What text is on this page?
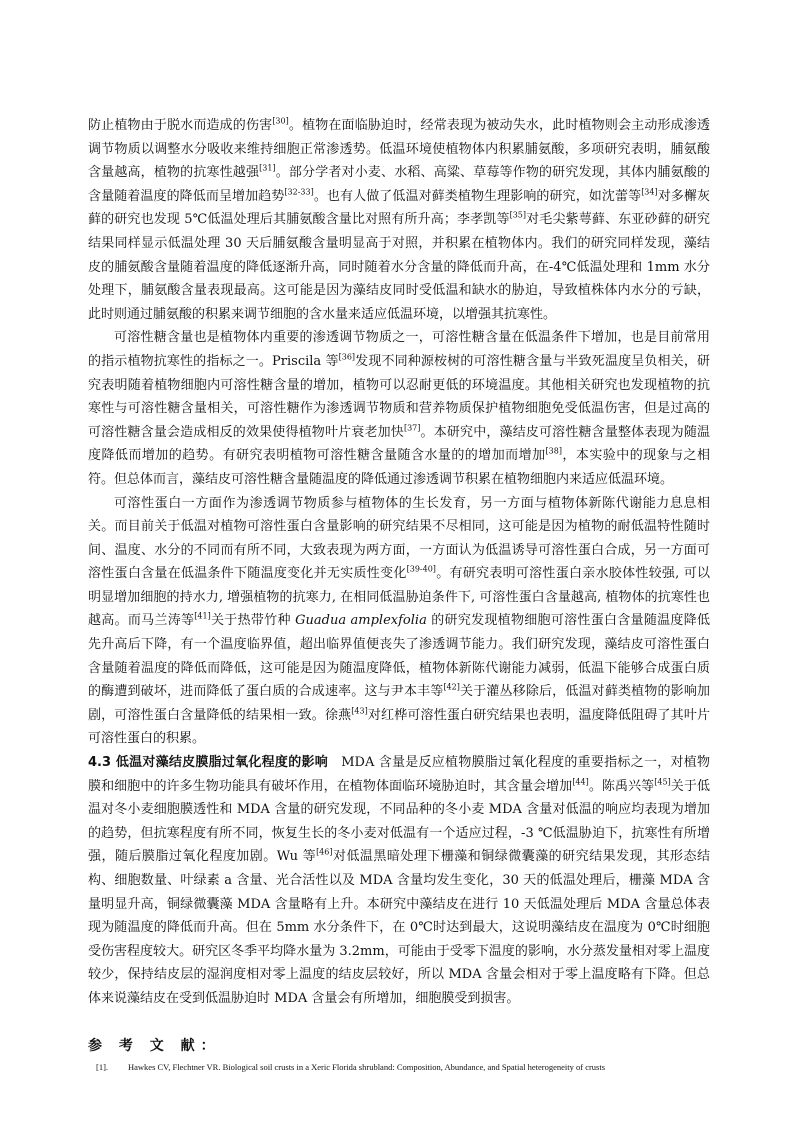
防止植物由于脱水而造成的伤害[30]。植物在面临胁迫时，经常表现为被动失水，此时植物则会主动形成渗透调节物质以调整水分吸收来维持细胞正常渗透势。低温环境使植物体内积累脯氨酸，多项研究表明，脯氨酸含量越高，植物的抗寒性越强[31]。部分学者对小麦、水稻、高粱、草莓等作物的研究发现，其体内脯氨酸的含量随着温度的降低而呈增加趋势[32-33]。也有人做了低温对藓类植物生理影响的研究，如沈蕾等[34]对多檞灰藓的研究也发现 5℃低温处理后其脯氨酸含量比对照有所升高；李孝凯等[35]对毛尖紫萼藓、东亚砂藓的研究结果同样显示低温处理 30 天后脯氨酸含量明显高于对照，并积累在植物体内。我们的研究同样发现，藻结皮的脯氨酸含量随着温度的降低逐渐升高，同时随着水分含量的降低而升高，在-4℃低温处理和 1mm 水分处理下，脯氨酸含量表现最高。这可能是因为藻结皮同时受低温和缺水的胁迫，导致植株体内水分的亏缺，此时则通过脯氨酸的积累来调节细胞的含水量来适应低温环境，以增强其抗寒性。

可溶性糖含量也是植物体内重要的渗透调节物质之一，可溶性糖含量在低温条件下增加，也是目前常用的指示植物抗寒性的指标之一。Priscila 等[36]发现不同种源桉树的可溶性糖含量与半致死温度呈负相关，研究表明随着植物细胞内可溶性糖含量的增加，植物可以忍耐更低的环境温度。其他相关研究也发现植物的抗寒性与可溶性糖含量相关，可溶性糖作为渗透调节物质和营养物质保护植物细胞免受低温伤害，但是过高的可溶性糖含量会造成相反的效果使得植物叶片衰老加快[37]。本研究中，藻结皮可溶性糖含量整体表现为随温度降低而增加的趋势。有研究表明植物可溶性糖含量随含水量的的增加而增加[38]，本实验中的现象与之相符。但总体而言，藻结皮可溶性糖含量随温度的降低通过渗透调节积累在植物细胞内来适应低温环境。

可溶性蛋白一方面作为渗透调节物质参与植物体的生长发育，另一方面与植物体新陈代谢能力息息相关。而目前关于低温对植物可溶性蛋白含量影响的研究结果不尽相同，这可能是因为植物的耐低温特性随时间、温度、水分的不同而有所不同，大致表现为两方面，一方面认为低温诱导可溶性蛋白合成，另一方面可溶性蛋白含量在低温条件下随温度变化并无实质性变化[39-40]。有研究表明可溶性蛋白亲水胶体性较强, 可以明显增加细胞的持水力, 增强植物的抗寒力, 在相同低温胁迫条件下, 可溶性蛋白含量越高, 植物体的抗寒性也越高。而马兰涛等[41]关于热带竹种 Guadua amplexfolia 的研究发现植物细胞可溶性蛋白含量随温度降低先升高后下降，有一个温度临界值，超出临界值便丧失了渗透调节能力。我们研究发现，藻结皮可溶性蛋白含量随着温度的降低而降低，这可能是因为随温度降低，植物体新陈代谢能力减弱，低温下能够合成蛋白质的酶遭到破坏，进而降低了蛋白质的合成速率。这与尹本丰等[42]关于灌丛移除后，低温对藓类植物的影响加剧，可溶性蛋白含量降低的结果相一致。徐燕[43]对红桦可溶性蛋白研究结果也表明，温度降低阻碍了其叶片可溶性蛋白的积累。

4.3 低温对藻结皮膜脂过氧化程度的影响　MDA 含量是反应植物膜脂过氧化程度的重要指标之一，对植物膜和细胞中的许多生物功能具有破坏作用，在植物体面临环境胁迫时，其含量会增加[44]。陈禹兴等[45]关于低温对冬小麦细胞膜透性和 MDA 含量的研究发现，不同品种的冬小麦 MDA 含量对低温的响应均表现为增加的趋势，但抗寒程度有所不同，恢复生长的冬小麦对低温有一个适应过程，-3 ℃低温胁迫下，抗寒性有所增强，随后膜脂过氧化程度加剧。Wu 等[46]对低温黑暗处理下栅藻和铜绿微囊藻的研究结果发现，其形态结构、细胞数量、叶绿素 a 含量、光合活性以及 MDA 含量均发生变化，30 天的低温处理后，栅藻 MDA 含量明显升高，铜绿微囊藻 MDA 含量略有上升。本研究中藻结皮在进行 10 天低温处理后 MDA 含量总体表现为随温度的降低而升高。但在 5mm 水分条件下，在 0℃时达到最大，这说明藻结皮在温度为 0℃时细胞受伤害程度较大。研究区冬季平均降水量为 3.2mm，可能由于受零下温度的影响，水分蒸发量相对零上温度较少，保持结皮层的湿润度相对零上温度的结皮层较好，所以 MDA 含量会相对于零上温度略有下降。但总体来说藻结皮在受到低温胁迫时 MDA 含量会有所增加，细胞膜受到损害。

参 考 文 献：
[1].	Hawkes CV, Flechtner VR. Biological soil crusts in a Xeric Florida shrubland: Composition, Abundance, and Spatial heterogeneity of crusts
